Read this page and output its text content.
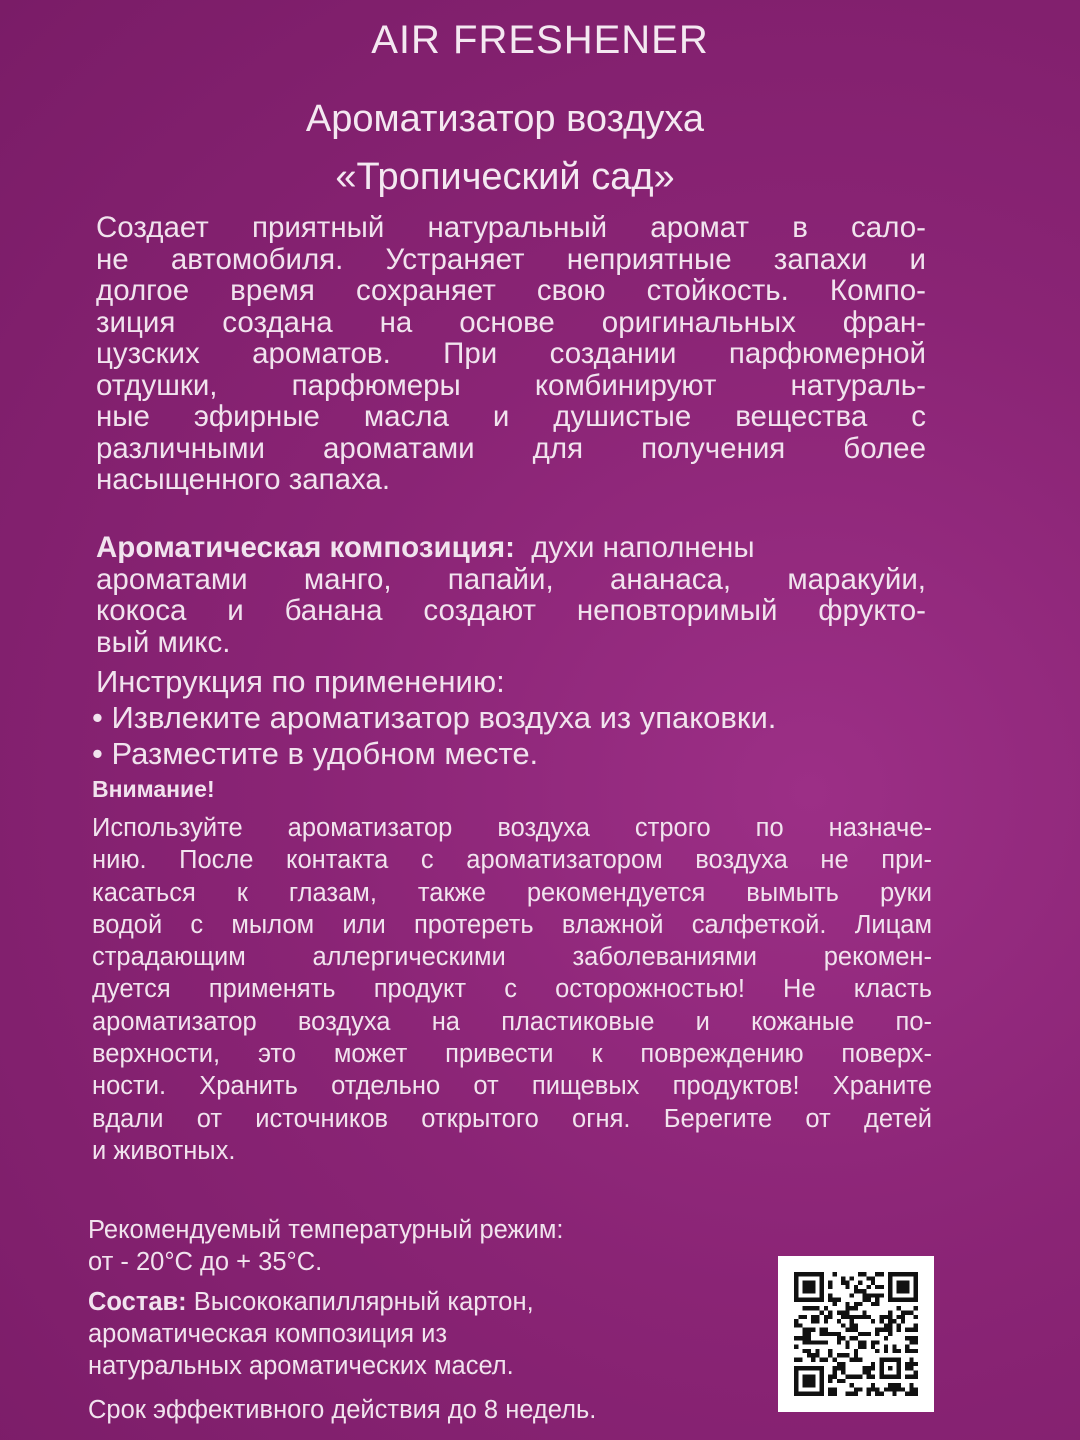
AIR FRESHENER
Ароматизатор воздуха
«Тропический сад»
Создает приятный натуральный аромат в сало-
не автомобиля. Устраняет неприятные запахи и
долгое время сохраняет свою стойкость. Компо-
зиция создана на основе оригинальных фран-
цузских ароматов. При создании парфюмерной
отдушки, парфюмеры комбинируют натураль-
ные эфирные масла и душистые вещества с
различными ароматами для получения более
насыщенного запаха.
Ароматическая композиция:  духи наполнены
ароматами манго, папайи, ананаса, маракуйи,
кокоса и банана создают неповторимый фрукто-
вый микс.
Инструкция по применению:
• Извлеките ароматизатор воздуха из упаковки.
• Разместите в удобном месте.
Внимание!
Используйте ароматизатор воздуха строго по назначе-
нию. После контакта с ароматизатором воздуха не при-
касаться к глазам, также рекомендуется вымыть руки
водой с мылом или протереть влажной салфеткой. Лицам
страдающим аллергическими заболеваниями рекомен-
дуется применять продукт с осторожностью! Не класть
ароматизатор воздуха на пластиковые и кожаные по-
верхности, это может привести к повреждению поверх-
ности. Хранить отдельно от пищевых продуктов! Храните
вдали от источников открытого огня. Берегите от детей
и животных.
Рекомендуемый температурный режим:
от - 20°C до + 35°C.
Состав: Высококапиллярный картон,
ароматическая композиция из
натуральных ароматических масел.
Срок эффективного действия до 8 недель.
